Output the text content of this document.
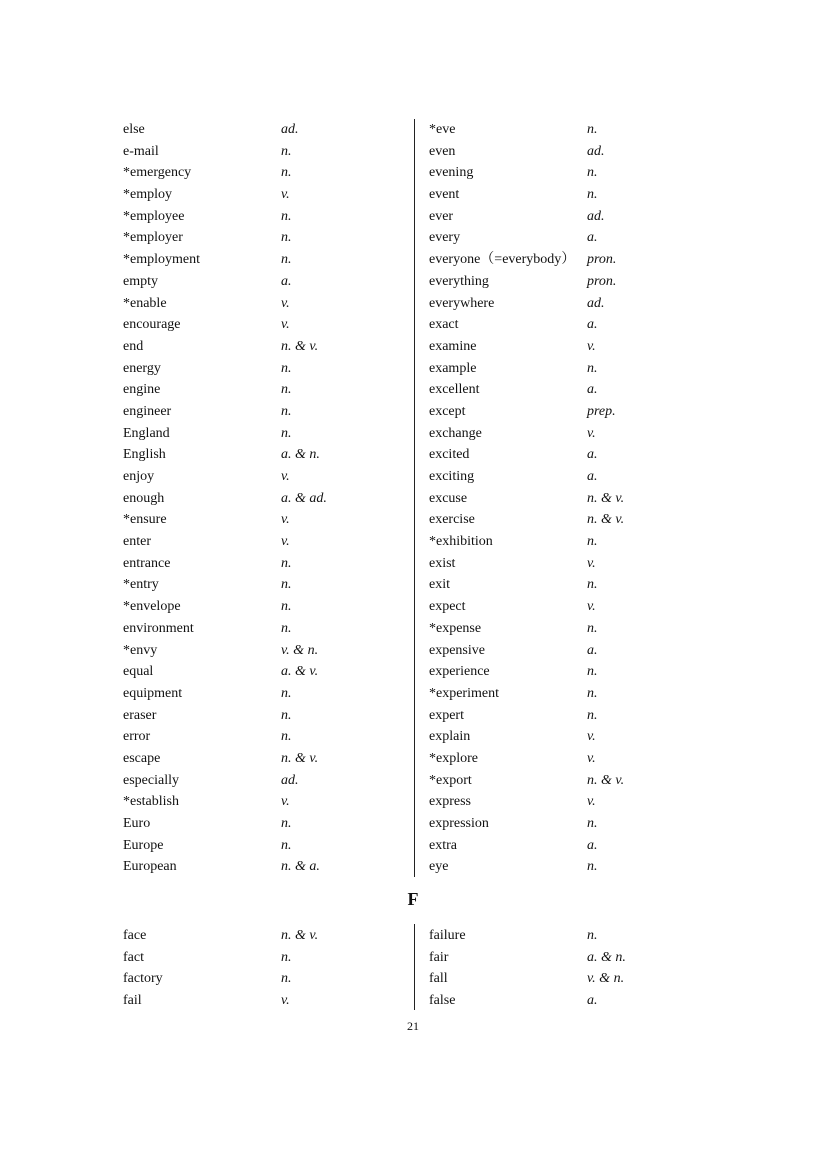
else	ad.
e-mail	n.
*emergency	n.
*employ	v.
*employee	n.
*employer	n.
*employment	n.
empty	a.
*enable	v.
encourage	v.
end	n. & v.
energy	n.
engine	n.
engineer	n.
England	n.
English	a. & n.
enjoy	v.
enough	a. & ad.
*ensure	v.
enter	v.
entrance	n.
*entry	n.
*envelope	n.
environment	n.
*envy	v. & n.
equal	a. & v.
equipment	n.
eraser	n.
error	n.
escape	n. & v.
especially	ad.
*establish	v.
Euro	n.
Europe	n.
European	n. & a.
*eve	n.
even	ad.
evening	n.
event	n.
ever	ad.
every	a.
everyone（=everybody） pron.
everything	pron.
everywhere	ad.
exact	a.
examine	v.
example	n.
excellent	a.
except	prep.
exchange	v.
excited	a.
exciting	a.
excuse	n. & v.
exercise	n. & v.
*exhibition	n.
exist	v.
exit	n.
expect	v.
*expense	n.
expensive	a.
experience	n.
*experiment	n.
expert	n.
explain	v.
*explore	v.
*export	n. & v.
express	v.
expression	n.
extra	a.
eye	n.
F
face	n. & v.
fact	n.
factory	n.
fail	v.
failure	n.
fair	a. & n.
fall	v. & n.
false	a.
21
